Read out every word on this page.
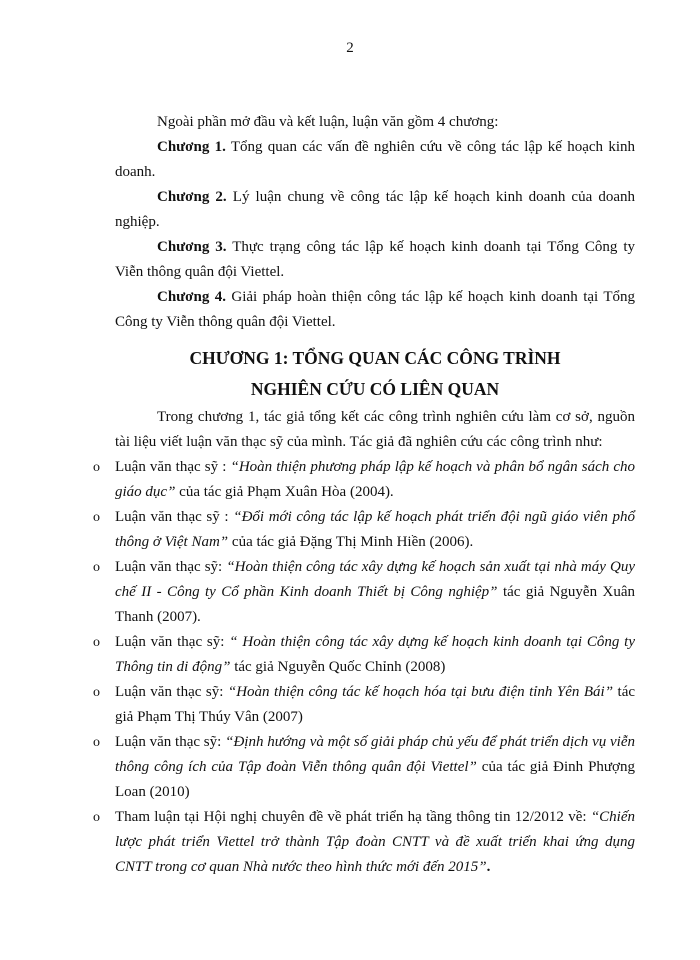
2

Ngoài phần mở đầu và kết luận, luận văn gồm 4 chương:

Chương 1. Tổng quan các vấn đề nghiên cứu về công tác lập kế hoạch kinh doanh.

Chương 2. Lý luận chung về công tác lập kế hoạch kinh doanh của doanh nghiệp.

Chương 3. Thực trạng công tác lập kế hoạch kinh doanh tại Tổng Công ty Viễn thông quân đội Viettel.

Chương 4. Giải pháp hoàn thiện công tác lập kế hoạch kinh doanh tại Tổng Công ty Viễn thông quân đội Viettel.

CHƯƠNG 1: TỔNG QUAN CÁC CÔNG TRÌNH
NGHIÊN CỨU CÓ LIÊN QUAN

Trong chương 1, tác giả tổng kết các công trình nghiên cứu làm cơ sở, nguồn tài liệu viết luận văn thạc sỹ của mình. Tác giả đã nghiên cứu các công trình như:

o Luận văn thạc sỹ : “Hoàn thiện phương pháp lập kế hoạch và phân bổ ngân sách cho giáo dục” của tác giả Phạm Xuân Hòa (2004).
o Luận văn thạc sỹ : “Đổi mới công tác lập kế hoạch phát triển đội ngũ giáo viên phổ thông ở Việt Nam” của tác giả Đặng Thị Minh Hiền (2006).
o Luận văn thạc sỹ: “Hoàn thiện công tác xây dựng kế hoạch sản xuất tại nhà máy Quy chế II - Công ty Cổ phần Kinh doanh Thiết bị Công nghiệp” tác giả Nguyễn Xuân Thanh (2007).
o Luận văn thạc sỹ: “ Hoàn thiện công tác xây dựng kế hoạch kinh doanh tại Công ty Thông tin di động” tác giả Nguyễn Quốc Chỉnh (2008)
o Luận văn thạc sỹ: “Hoàn thiện công tác kế hoạch hóa tại bưu điện tỉnh Yên Bái” tác giả Phạm Thị Thúy Vân (2007)
o Luận văn thạc sỹ: “Định hướng và một số giải pháp chủ yếu để phát triển dịch vụ viễn thông công ích của Tập đoàn Viễn thông quân đội Viettel” của tác giả Đinh Phượng Loan (2010)
o Tham luận tại Hội nghị chuyên đề về phát triển hạ tầng thông tin 12/2012 về: “Chiến lược phát triển Viettel trở thành Tập đoàn CNTT và đề xuất triển khai ứng dụng CNTT trong cơ quan Nhà nước theo hình thức mới đến 2015”.
